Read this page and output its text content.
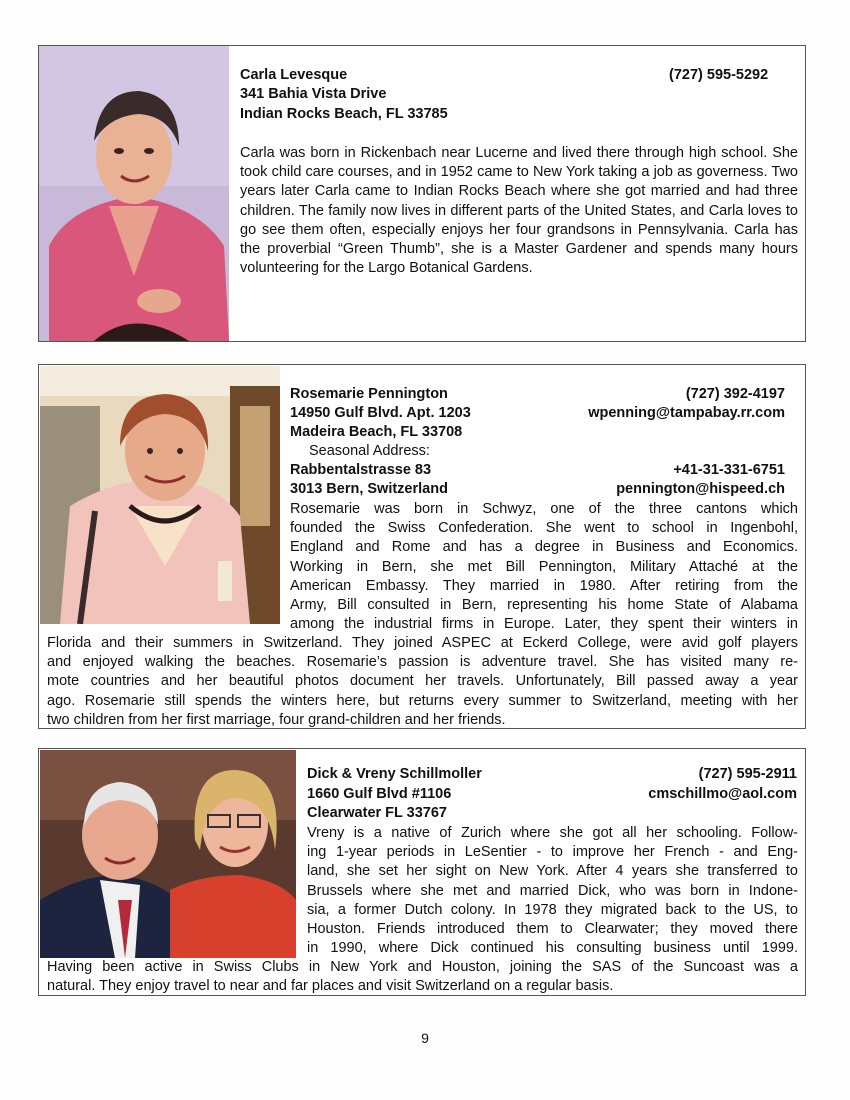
Carla Levesque
341 Bahia Vista Drive
Indian Rocks Beach, FL 33785
(727) 595-5292
Carla was born in Rickenbach near Lucerne and lived there through high school. She took child care courses, and in 1952 came to New York taking a job as governess. Two years later Carla came to Indian Rocks Beach where she got married and had three children. The family now lives in different parts of the United States, and Carla loves to go see them often, especially enjoys her four grandsons in Pennsylvania. Carla has the proverbial “Green Thumb”, she is a Master Gardener and spends many hours volunteering for the Largo Botanical Gardens.
Rosemarie Pennington
14950 Gulf Blvd. Apt. 1203
Madeira Beach, FL 33708
(727) 392-4197
wpenning@tampabay.rr.com
Seasonal Address:
Rabbentalstrasse 83
3013 Bern, Switzerland
+41-31-331-6751
pennington@hispeed.ch
Rosemarie was born in Schwyz, one of the three cantons which
founded the Swiss Confederation. She went to school in Ingenbohl,
England and Rome and has a degree in Business and Economics.
Working in Bern, she met Bill Pennington, Military Attaché at the
American Embassy. They married in 1980. After retiring from the
Army, Bill consulted in Bern, representing his home State of Alabama
among the industrial firms in Europe. Later, they spent their winters in
Florida and their summers in Switzerland. They joined ASPEC at Eckerd College, were avid golf players
and enjoyed walking the beaches. Rosemarie’s passion is adventure travel. She has visited many re-
mote countries and her beautiful photos document her travels. Unfortunately, Bill passed away a year
ago. Rosemarie still spends the winters here, but returns every summer to Switzerland, meeting with her
two children from her first marriage, four grand-children and her friends.
Dick & Vreny Schillmoller
1660 Gulf Blvd #1106
Clearwater FL 33767
(727) 595-2911
cmschillmo@aol.com
Vreny is a native of Zurich where she got all her schooling. Follow-
ing 1-year periods in LeSentier - to improve her French - and Eng-
land, she set her sight on New York. After 4 years she transferred to
Brussels where she met and married Dick, who was born in Indone-
sia, a former Dutch colony. In 1978 they migrated back to the US, to
Houston. Friends introduced them to Clearwater; they moved there
in 1990, where Dick continued his consulting business until 1999.
Having been active in Swiss Clubs in New York and Houston, joining the SAS of the Suncoast was a
natural. They enjoy travel to near and far places and visit Switzerland on a regular basis.
9
